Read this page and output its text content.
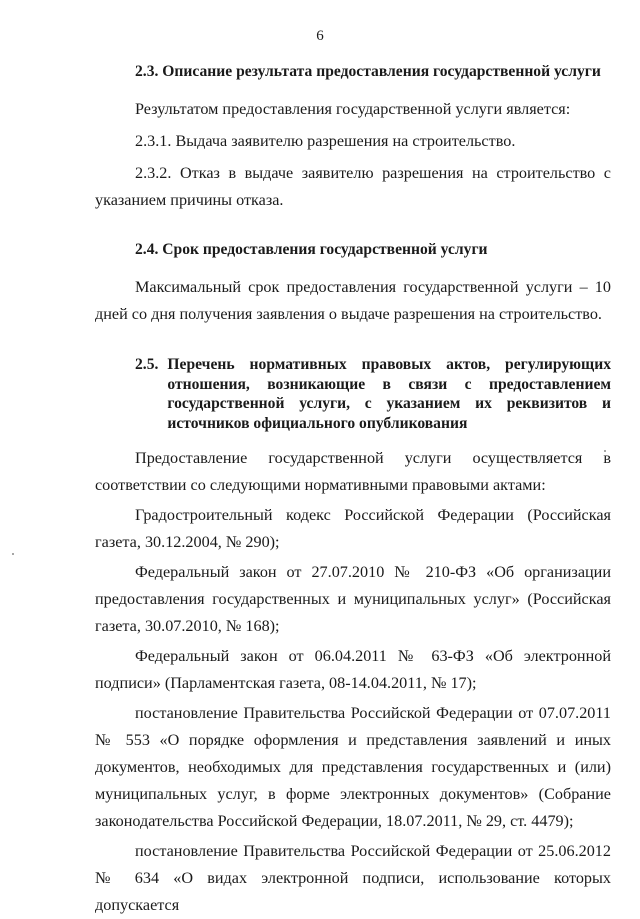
6

2.3. Описание результата предоставления государственной услуги

Результатом предоставления государственной услуги является:

2.3.1. Выдача заявителю разрешения на строительство.

2.3.2. Отказ в выдаче заявителю разрешения на строительство с указанием причины отказа.

2.4. Срок предоставления государственной услуги

Максимальный срок предоставления государственной услуги – 10 дней со дня получения заявления о выдаче разрешения на строительство.

2.5. Перечень нормативных правовых актов, регулирующих отношения, возникающие в связи с предоставлением государственной услуги, с указанием их реквизитов и источников официального опубликования

Предоставление государственной услуги осуществляется в соответствии со следующими нормативными правовыми актами:

Градостроительный кодекс Российской Федерации (Российская газета, 30.12.2004, № 290);

Федеральный закон от 27.07.2010 № 210-ФЗ «Об организации предоставления государственных и муниципальных услуг» (Российская газета, 30.07.2010, № 168);

Федеральный закон от 06.04.2011 № 63-ФЗ «Об электронной подписи» (Парламентская газета, 08-14.04.2011, № 17);

постановление Правительства Российской Федерации от 07.07.2011 № 553 «О порядке оформления и представления заявлений и иных документов, необходимых для представления государственных и (или) муниципальных услуг, в форме электронных документов» (Собрание законодательства Российской Федерации, 18.07.2011, № 29, ст. 4479);

постановление Правительства Российской Федерации от 25.06.2012 № 634 «О видах электронной подписи, использование которых допускается
